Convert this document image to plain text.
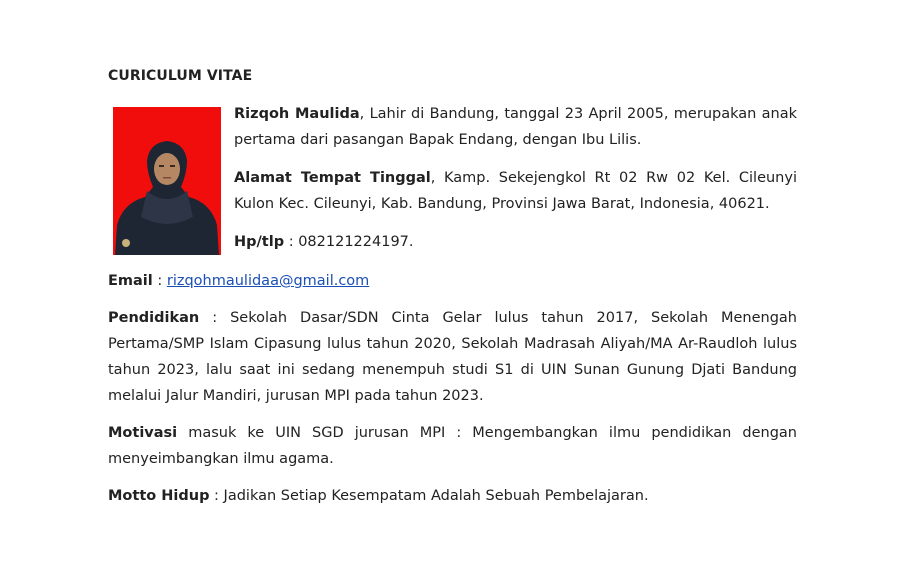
CURICULUM VITAE
Rizqoh Maulida, Lahir di Bandung, tanggal 23 April 2005, merupakan anak pertama dari pasangan Bapak Endang, dengan Ibu Lilis.
Alamat Tempat Tinggal, Kamp. Sekejengkol Rt 02 Rw 02 Kel. Cileunyi Kulon Kec. Cileunyi, Kab. Bandung, Provinsi Jawa Barat, Indonesia, 40621.
Hp/tlp : 082121224197.
Email : rizqohmaulidaa@gmail.com
Pendidikan : Sekolah Dasar/SDN Cinta Gelar lulus tahun 2017, Sekolah Menengah Pertama/SMP Islam Cipasung lulus tahun 2020, Sekolah Madrasah Aliyah/MA Ar-Raudloh lulus tahun 2023, lalu saat ini sedang menempuh studi S1 di UIN Sunan Gunung Djati Bandung melalui Jalur Mandiri, jurusan MPI pada tahun 2023.
Motivasi masuk ke UIN SGD jurusan MPI : Mengembangkan ilmu pendidikan dengan menyeimbangkan ilmu agama.
Motto Hidup : Jadikan Setiap Kesempatam Adalah Sebuah Pembelajaran.
